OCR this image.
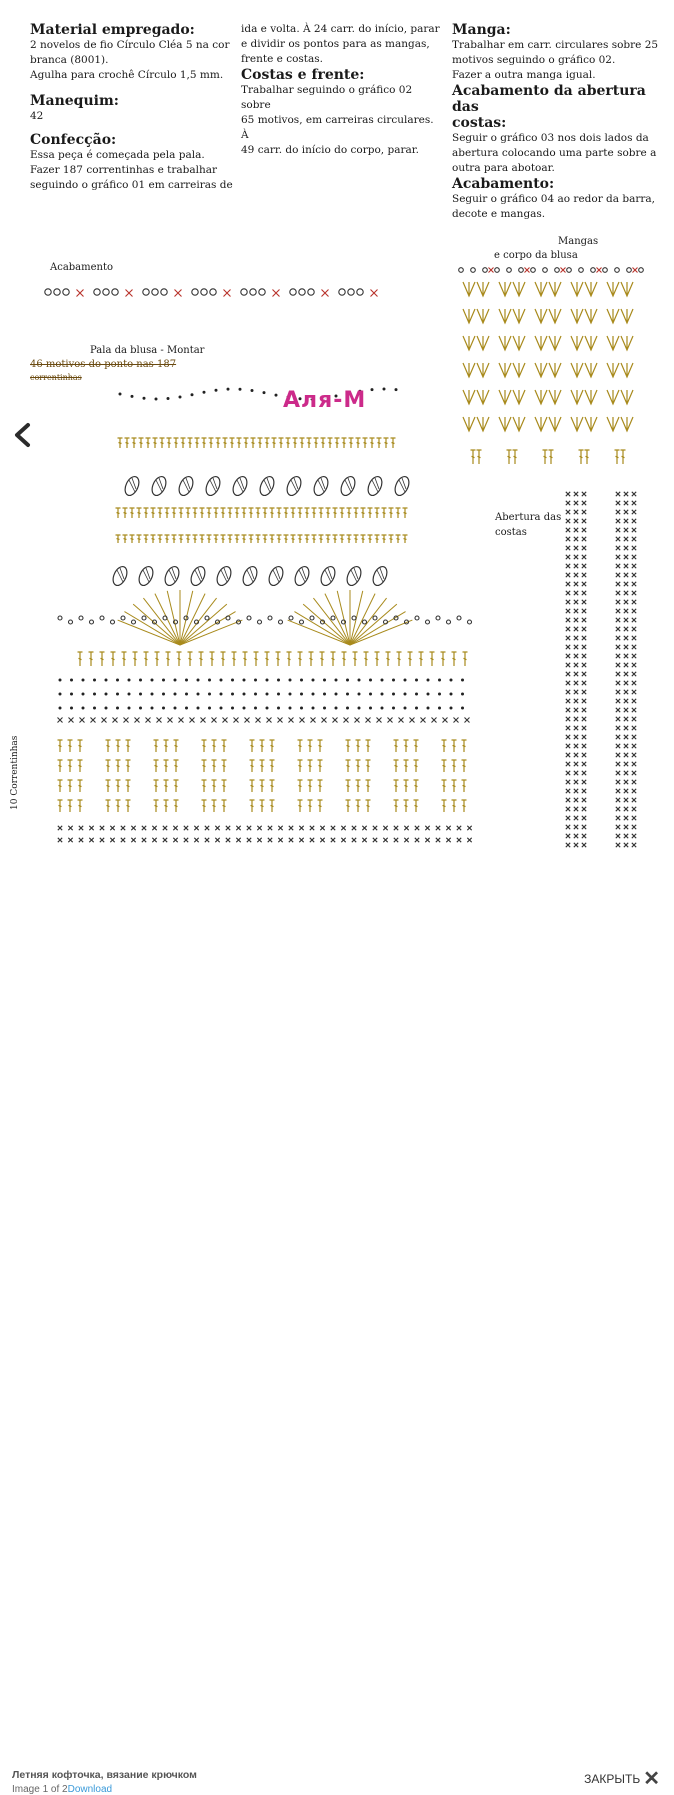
Material empregado:

2 novelos de fio Círculo Cléa 5 na cor

branca (8001).

Agulha para crochê Círculo 1,5 mm.

Manequim:

42

Confecção:

Essa peça é começada pela pala.

Fazer 187 correntinhas e trabalhar

seguindo o gráfico 01 em carreiras de

ida e volta. À 24 carr. do início, parar

e dividir os pontos para as mangas,

frente e costas.

Costas e frente:

Trabalhar seguindo o gráfico 02 sobre

65 motivos, em carreiras circulares. À

49 carr. do início do corpo, parar.

Manga:

Trabalhar em carr. circulares sobre 25

motivos seguindo o gráfico 02.

Fazer a outra manga igual.

Acabamento da abertura das

costas:

Seguir o gráfico 03 nos dois lados da

abertura colocando uma parte sobre a

outra para abotoar.

Acabamento:

Seguir o gráfico 04 ao redor da barra,

decote e mangas.

Acabamento
Mangas
e corpo da blusa
Pala da blusa - Montar
46 motivos do ponto nas 187
correntinhas
Abertura das
costas
10 Correntinhas
Аля-М
Летняя кофточка, вязание крючком
Image 1 of 2Download
ЗАКРЫТЬ ✕
